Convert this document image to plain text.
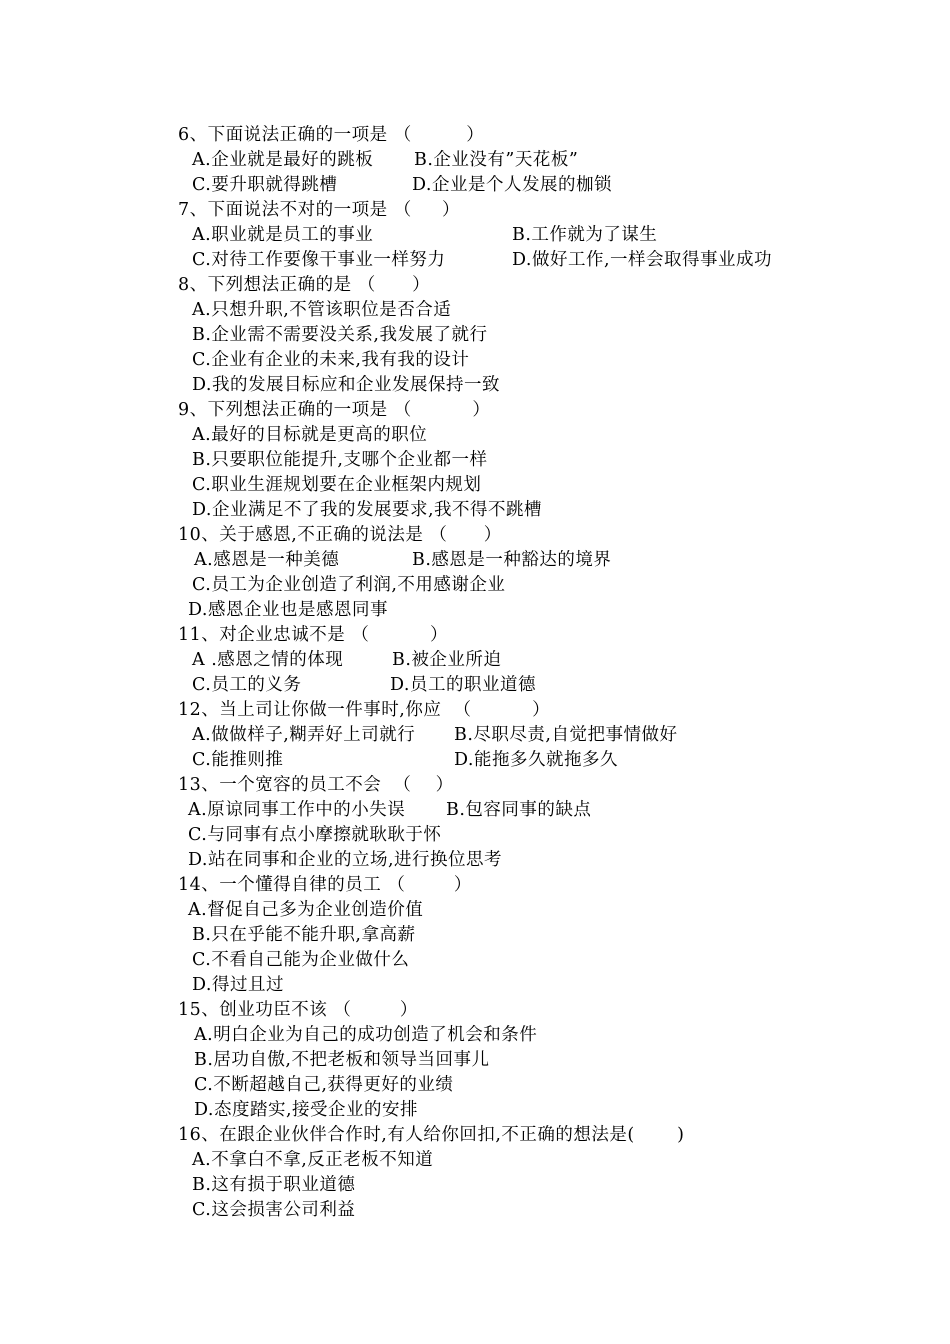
6、下面说法正确的一项是 （         ）
A.企业就是最好的跳板 B.企业没有”天花板”
C.要升职就得跳槽	D.企业是个人发展的枷锁
7、下面说法不对的一项是 （     ）
A.职业就是员工的事业	B.工作就为了谋生
C.对待工作要像干事业一样努力	D.做好工作,一样会取得事业成功
8、下列想法正确的是 （      ）
A.只想升职,不管该职位是否合适
B.企业需不需要没关系,我发展了就行
C.企业有企业的未来,我有我的设计
D.我的发展目标应和企业发展保持一致
9、下列想法正确的一项是 （          ）
A.最好的目标就是更高的职位
B.只要职位能提升,支哪个企业都一样
C.职业生涯规划要在企业框架内规划
D.企业满足不了我的发展要求,我不得不跳槽
10、关于感恩,不正确的说法是 （      ）
A.感恩是一种美德	B.感恩是一种豁达的境界
C.员工为企业创造了利润,不用感谢企业
D.感恩企业也是感恩同事
11、对企业忠诚不是 （          ）
A .感恩之情的体现	B.被企业所迫
C.员工的义务	D.员工的职业道德
12、当上司让你做一件事时,你应  （          ）
A.做做样子,糊弄好上司就行 B.尽职尽责,自觉把事情做好
C.能推则推	D.能拖多久就拖多久
13、一个宽容的员工不会  （    ）
A.原谅同事工作中的小失误 B.包容同事的缺点
C.与同事有点小摩擦就耿耿于怀
D.站在同事和企业的立场,进行换位思考
14、一个懂得自律的员工 （        ）
A.督促自己多为企业创造价值
B.只在乎能不能升职,拿高薪
C.不看自己能为企业做什么
D.得过且过
15、创业功臣不该 （        ）
A.明白企业为自己的成功创造了机会和条件
B.居功自傲,不把老板和领导当回事儿
C.不断超越自己,获得更好的业绩
D.态度踏实,接受企业的安排
16、在跟企业伙伴合作时,有人给你回扣,不正确的想法是(       )
A.不拿白不拿,反正老板不知道
B.这有损于职业道德
C.这会损害公司利益
